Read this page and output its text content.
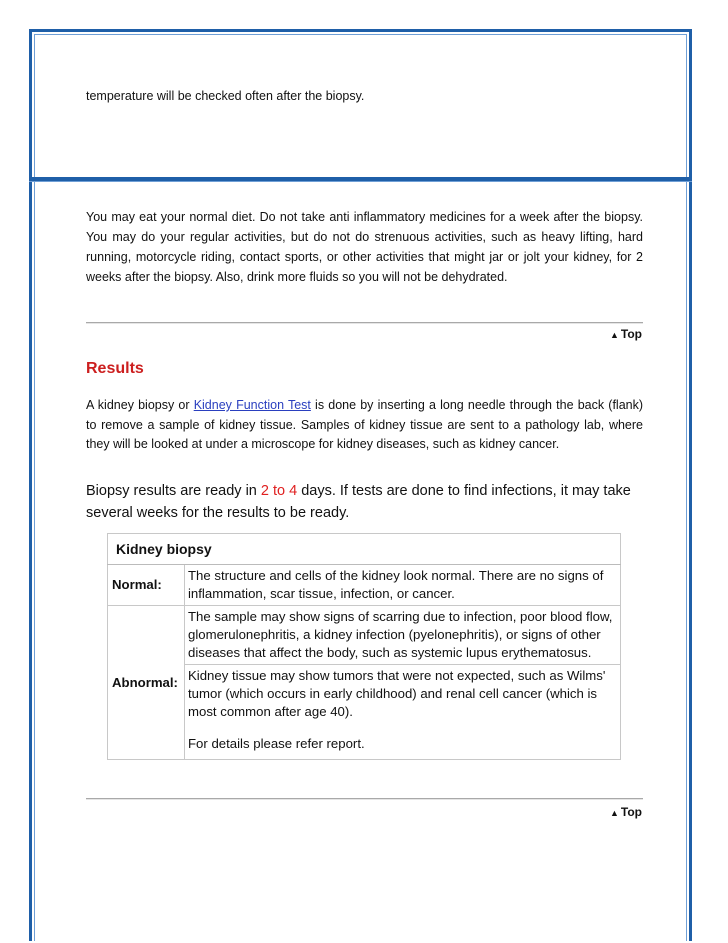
temperature will be checked often after the biopsy.

You may eat your normal diet. Do not take anti inflammatory medicines for a week after the biopsy. You may do your regular activities, but do not do strenuous activities, such as heavy lifting, hard running, motorcycle riding, contact sports, or other activities that might jar or jolt your kidney, for 2 weeks after the biopsy. Also, drink more fluids so you will not be dehydrated.

▲ Top
Results

A kidney biopsy or Kidney Function Test is done by inserting a long needle through the back (flank) to remove a sample of kidney tissue. Samples of kidney tissue are sent to a pathology lab, where they will be looked at under a microscope for kidney diseases, such as kidney cancer.

Biopsy results are ready in 2 to 4 days. If tests are done to find infections, it may take several weeks for the results to be ready.

Kidney biopsy	
Normal:	The structure and cells of the kidney look normal. There are no signs of inflammation, scar tissue, infection, or cancer.
Abnormal:	The sample may show signs of scarring due to infection, poor blood flow, glomerulonephritis, a kidney infection (pyelonephritis), or signs of other diseases that affect the body, such as systemic lupus erythematosus.

	Kidney tissue may show tumors that were not expected, such as Wilms' tumor (which occurs in early childhood) and renal cell cancer (which is most common after age 40).

For details please refer report.

▲ Top
